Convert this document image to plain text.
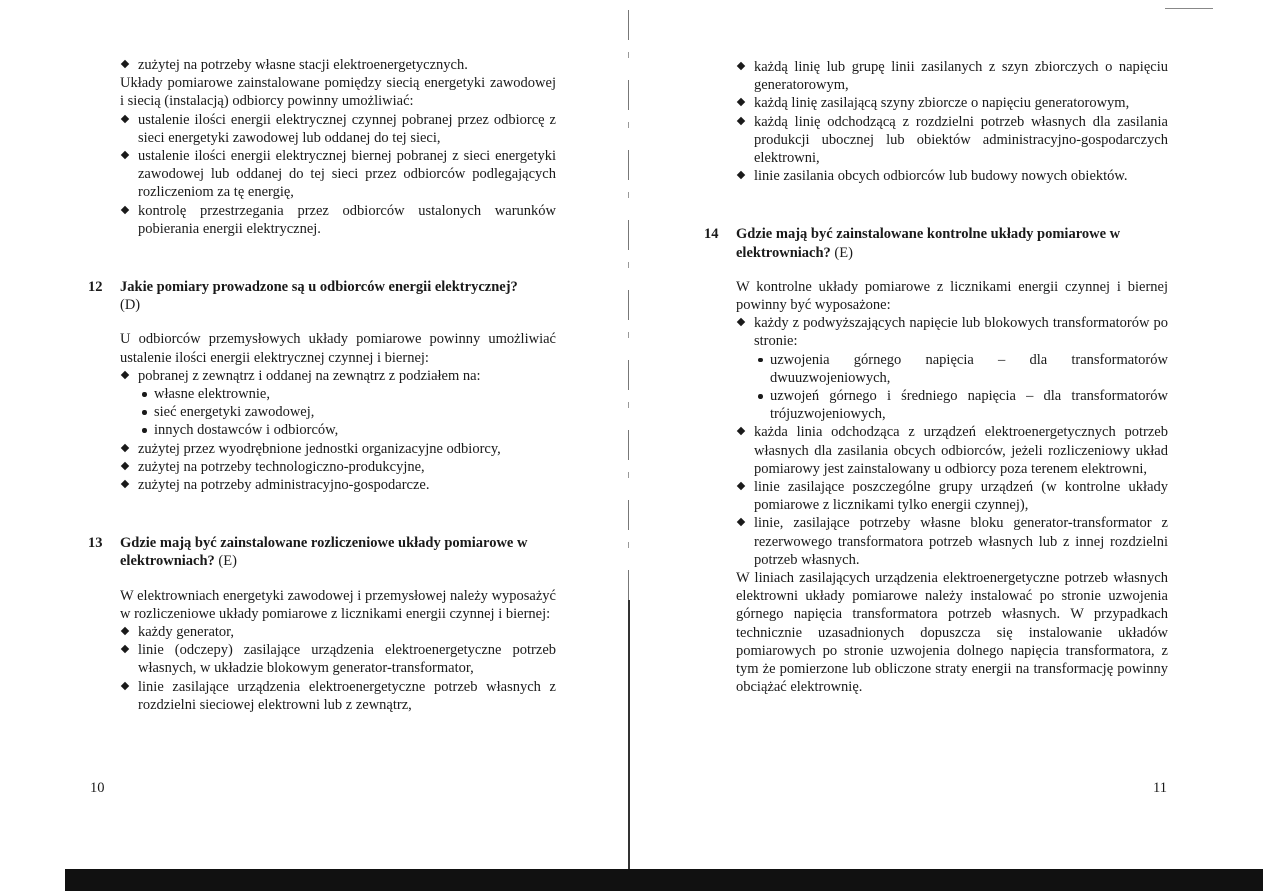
zużytej na potrzeby własne stacji elektroenergetycznych.

Układy pomiarowe zainstalowane pomiędzy siecią energetyki zawodowej i siecią (instalacją) odbiorcy powinny umożliwiać:

ustalenie ilości energii elektrycznej czynnej pobranej przez odbiorcę z sieci energetyki zawodowej lub oddanej do tej sieci,
ustalenie ilości energii elektrycznej biernej pobranej z sieci energetyki zawodowej lub oddanej do tej sieci przez odbiorców podlegających rozliczeniom za tę energię,
kontrolę przestrzegania przez odbiorców ustalonych warunków pobierania energii elektrycznej.
12 Jakie pomiary prowadzone są u odbiorców energii elektrycznej?
(D)

U odbiorców przemysłowych układy pomiarowe powinny umożliwiać ustalenie ilości energii elektrycznej czynnej i biernej:

pobranej z zewnątrz i oddanej na zewnątrz z podziałem na:
własne elektrownie,
sieć energetyki zawodowej,
innych dostawców i odbiorców,
zużytej przez wyodrębnione jednostki organizacyjne odbiorcy,
zużytej na potrzeby technologiczno-produkcyjne,
zużytej na potrzeby administracyjno-gospodarcze.
13 Gdzie mają być zainstalowane rozliczeniowe układy pomiarowe w elektrowniach? (E)

W elektrowniach energetyki zawodowej i przemysłowej należy wyposażyć w rozliczeniowe układy pomiarowe z licznikami energii czynnej i biernej:

każdy generator,
linie (odczepy) zasilające urządzenia elektroenergetyczne potrzeb własnych, w układzie blokowym generator-transformator,
linie zasilające urządzenia elektroenergetyczne potrzeb własnych z rozdzielni sieciowej elektrowni lub z zewnątrz,
10
każdą linię lub grupę linii zasilanych z szyn zbiorczych o napięciu generatorowym,
każdą linię zasilającą szyny zbiorcze o napięciu generatorowym,
każdą linię odchodzącą z rozdzielni potrzeb własnych dla zasilania produkcji ubocznej lub obiektów administracyjno-gospodarczych elektrowni,
linie zasilania obcych odbiorców lub budowy nowych obiektów.
14 Gdzie mają być zainstalowane kontrolne układy pomiarowe w elektrowniach? (E)

W kontrolne układy pomiarowe z licznikami energii czynnej i biernej powinny być wyposażone:

każdy z podwyższających napięcie lub blokowych transformatorów po stronie:
uzwojenia górnego napięcia – dla transformatorów dwuuzwojeniowych,
uzwojeń górnego i średniego napięcia – dla transformatorów trójuzwojeniowych,
każda linia odchodząca z urządzeń elektroenergetycznych potrzeb własnych dla zasilania obcych odbiorców, jeżeli rozliczeniowy układ pomiarowy jest zainstalowany u odbiorcy poza terenem elektrowni,
linie zasilające poszczególne grupy urządzeń (w kontrolne układy pomiarowe z licznikami tylko energii czynnej),
linie, zasilające potrzeby własne bloku generator-transformator z rezerwowego transformatora potrzeb własnych lub z innej rozdzielni potrzeb własnych.

W liniach zasilających urządzenia elektroenergetyczne potrzeb własnych elektrowni układy pomiarowe należy instalować po stronie uzwojenia górnego napięcia transformatora potrzeb własnych. W przypadkach technicznie uzasadnionych dopuszcza się instalowanie układów pomiarowych po stronie uzwojenia dolnego napięcia transformatora, z tym że pomierzone lub obliczone straty energii na transformację powinny obciążać elektrownię.

11
